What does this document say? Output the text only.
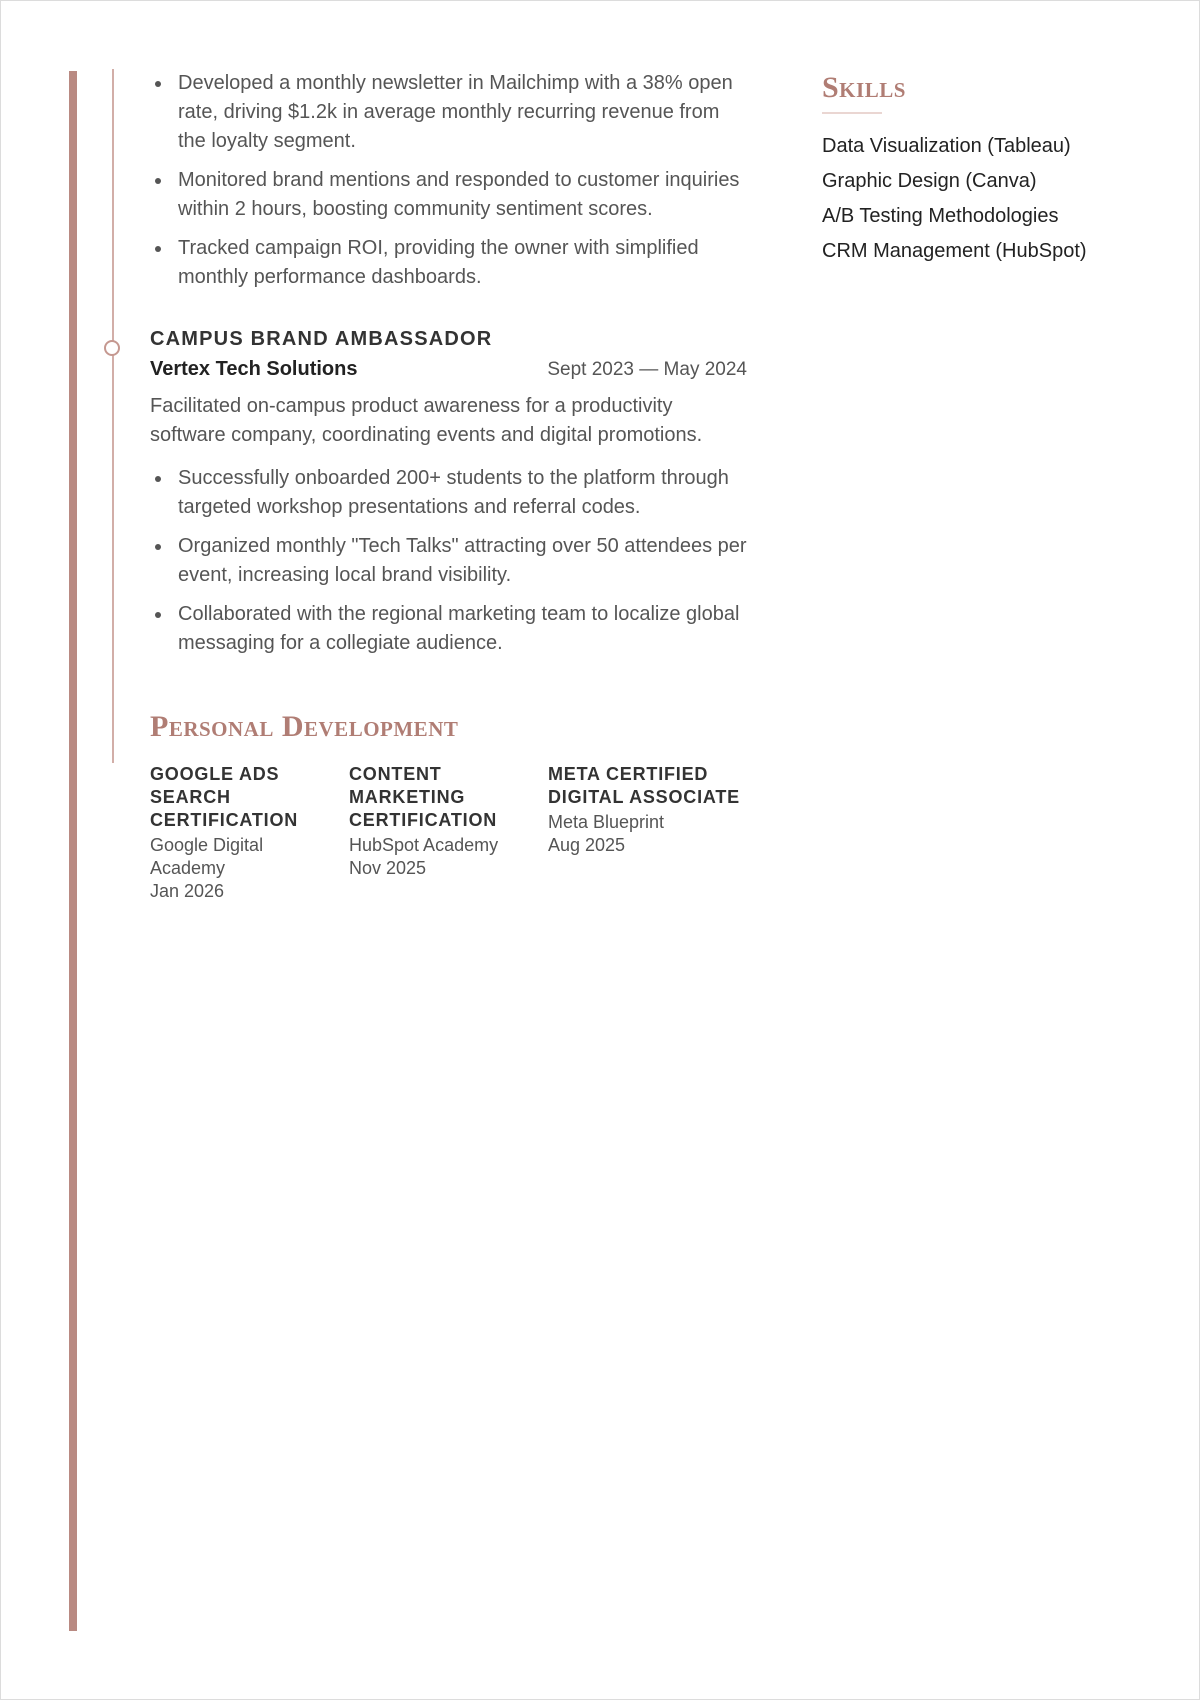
Developed a monthly newsletter in Mailchimp with a 38% open rate, driving $1.2k in average monthly recurring revenue from the loyalty segment.
Monitored brand mentions and responded to customer inquiries within 2 hours, boosting community sentiment scores.
Tracked campaign ROI, providing the owner with simplified monthly performance dashboards.
CAMPUS BRAND AMBASSADOR
Vertex Tech Solutions	Sept 2023 — May 2024
Facilitated on-campus product awareness for a productivity software company, coordinating events and digital promotions.
Successfully onboarded 200+ students to the platform through targeted workshop presentations and referral codes.
Organized monthly "Tech Talks" attracting over 50 attendees per event, increasing local brand visibility.
Collaborated with the regional marketing team to localize global messaging for a collegiate audience.
Personal Development
GOOGLE ADS SEARCH CERTIFICATION
Google Digital Academy
Jan 2026
CONTENT MARKETING CERTIFICATION
HubSpot Academy
Nov 2025
META CERTIFIED DIGITAL ASSOCIATE
Meta Blueprint
Aug 2025
Skills
Data Visualization (Tableau)
Graphic Design (Canva)
A/B Testing Methodologies
CRM Management (HubSpot)
